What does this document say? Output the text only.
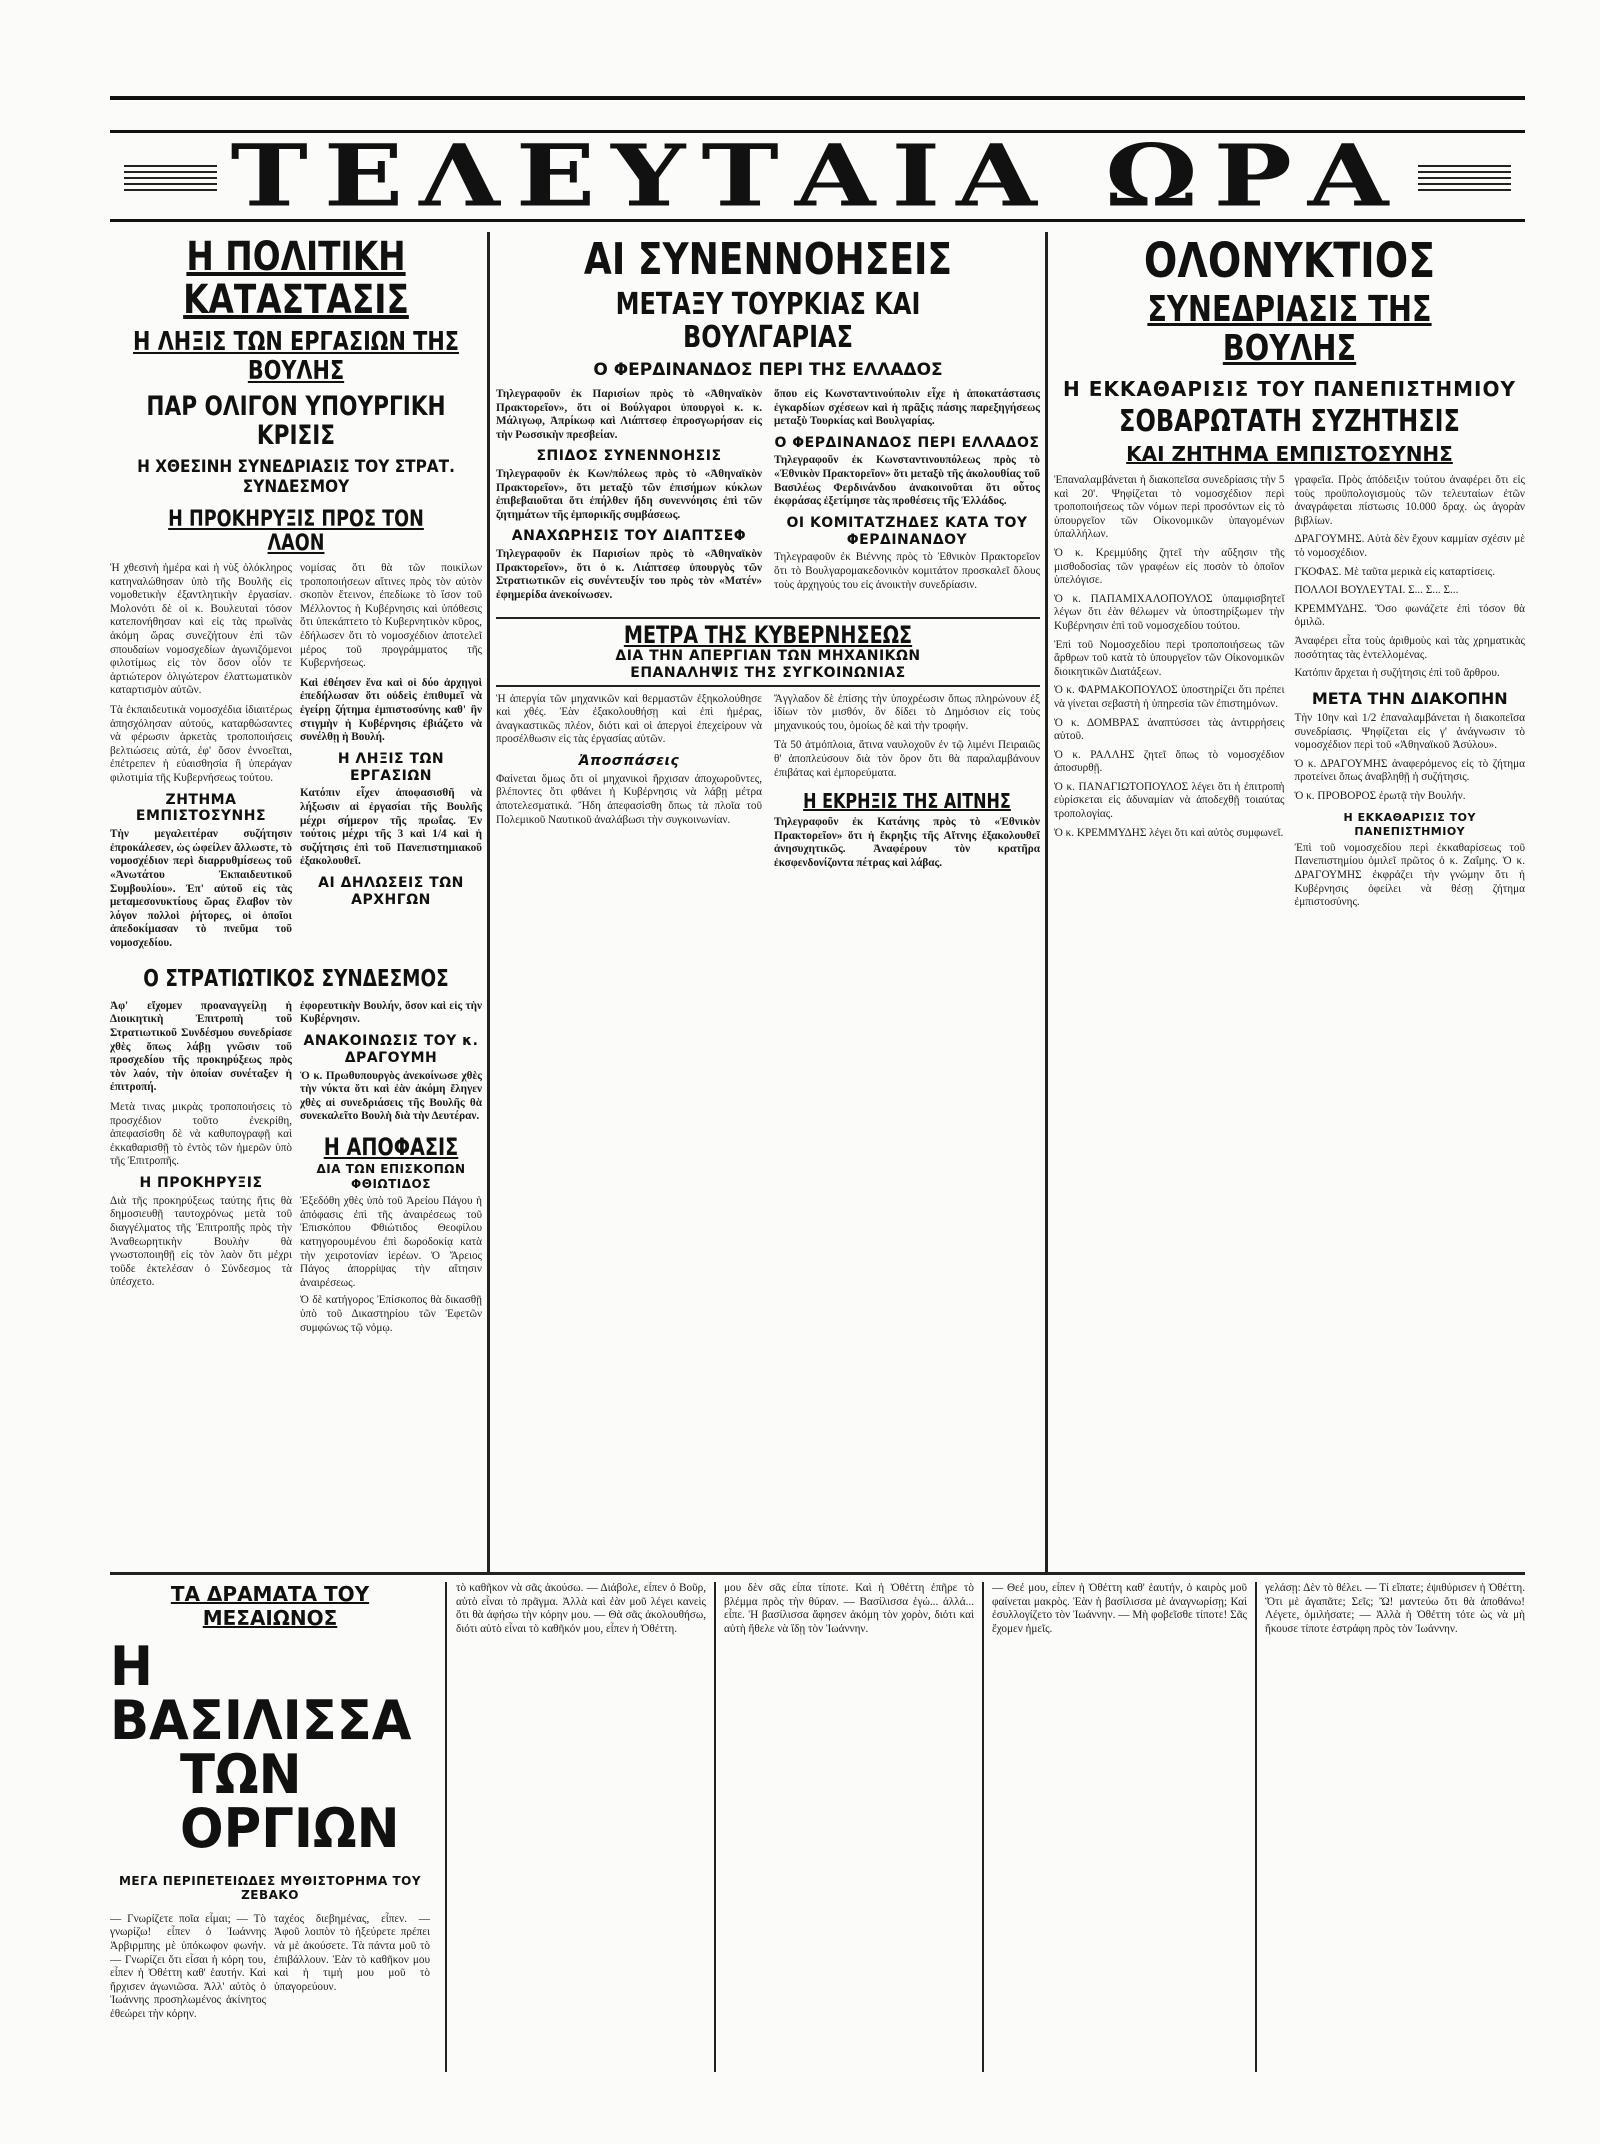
ΤΕΛΕΥΤΑΙΑ ΩΡΑ
Η ΠΟΛΙΤΙΚΗ ΚΑΤΑΣΤΑΣΙΣ
Η ΛΗΞΙΣ ΤΩΝ ΕΡΓΑΣΙΩΝ ΤΗΣ ΒΟΥΛΗΣ
ΠΑΡ ΟΛΙΓΟΝ ΥΠΟΥΡΓΙΚΗ ΚΡΙΣΙΣ
Η ΧΘΕΣΙΝΗ ΣΥΝΕΔΡΙΑΣΙΣ ΤΟΥ ΣΤΡΑΤ. ΣΥΝΔΕΣΜΟΥ
Η ΠΡΟΚΗΡΥΞΙΣ ΠΡΟΣ ΤΟΝ ΛΑΟΝ

Ἡ χθεσινὴ ἡμέρα καὶ ἡ νὺξ ὁλόκληρος κατηναλώθησαν ὑπὸ τῆς Βουλῆς εἰς νομοθετικὴν ἐξαντλητικὴν ἐργασίαν. Μολονότι δὲ οἱ κ. Βουλευταὶ τόσον κατεπονήθησαν καὶ εἰς τὰς πρωϊνὰς ἀκόμη ὥρας συνεζήτουν ἐπὶ τῶν σπουδαίων νομοσχεδίων ἀγωνιζόμενοι φιλοτίμως εἰς τὸν ὅσον οἷόν τε ἀρτιώτερον ὀλιγώτερον ἐλαττωματικὸν καταρτισμὸν αὐτῶν.

Τὰ ἐκπαιδευτικὰ νομοσχέδια ἰδιαιτέρως ἀπησχόλησαν αὐτούς, καταρθώσαντες νὰ φέρωσιν ἀρκετὰς τροποποιήσεις βελτιώσεις αὐτά, ἐφ' ὅσον ἐννοεῖται, ἐπέτρεπεν ἡ εὐαισθησία ἢ ὑπεράγαν φιλοτιμία τῆς Κυβερνήσεως τούτου.

ΖΗΤΗΜΑ ΕΜΠΙΣΤΟΣΥΝΗΣ

Τὴν μεγαλειτέραν συζήτησιν ἐπροκάλεσεν, ὡς ὠφείλεν ἄλλωστε, τὸ νομοσχέδιον περὶ διαρρυθμίσεως τοῦ «Ἀνωτάτου Ἐκπαιδευτικοῦ Συμβουλίου». Ἐπ' αὐτοῦ εἰς τὰς μεταμεσονυκτίους ὥρας ἔλαβον τὸν λόγον πολλοὶ ῥήτορες, οἱ ὁποῖοι ἀπεδοκίμασαν τὸ πνεῦμα τοῦ νομοσχεδίου.

νομίσας ὅτι θὰ τῶν ποικίλων τροποποιήσεων αἵτινες πρὸς τὸν αὐτὸν σκοπὸν ἔτεινον, ἐπεδίωκε τὸ ἴσον τοῦ Μέλλοντος ἡ Κυβέρνησις καὶ ὑπόθεσις ὅτι ὑπεκάπτετο τὸ Κυβερνητικὸν κῦρος, ἐδήλωσεν ὅτι τὸ νομοσχέδιον ἀποτελεῖ μέρος τοῦ προγράμματος τῆς Κυβερνήσεως.

Καὶ ἐθέησεν ἕνα καὶ οἱ δύο ἀρχηγοὶ ἐπεδήλωσαν ὅτι οὐδεὶς ἐπιθυμεῖ νὰ ἐγείρῃ ζήτημα ἐμπιστοσύνης καθ' ἣν στιγμὴν ἡ Κυβέρνησις ἐβιάζετο νὰ συνέλθῃ ἡ Βουλή.

Η ΛΗΞΙΣ ΤΩΝ ΕΡΓΑΣΙΩΝ

Κατόπιν εἶχεν ἀποφασισθῆ νὰ λήξωσιν αἱ ἐργασίαι τῆς Βουλῆς μέχρι σήμερον τῆς πρωΐας. Ἐν τούτοις μέχρι τῆς 3 καὶ 1/4 καὶ ἡ συζήτησις ἐπὶ τοῦ Πανεπιστημιακοῦ ἐξακολουθεῖ.

ΑΙ ΔΗΛΩΣΕΙΣ ΤΩΝ ΑΡΧΗΓΩΝ
Ο ΣΤΡΑΤΙΩΤΙΚΟΣ ΣΥΝΔΕΣΜΟΣ

Ἀφ' εἴχομεν προαναγγείλῃ ἡ Διοικητικὴ Ἐπιτροπὴ τοῦ Στρατιωτικοῦ Συνδέσμου συνεδρίασε χθὲς ὅπως λάβῃ γνῶσιν τοῦ προσχεδίου τῆς προκηρύξεως πρὸς τὸν λαόν, τὴν ὁποίαν συνέταξεν ἡ ἐπιτροπή.

Μετὰ τινας μικρὰς τροποποιήσεις τὸ προσχέδιον τοῦτο ἐνεκρίθη, ἀπεφασίσθη δὲ νὰ καθυπογραφῇ καὶ ἐκκαθαρισθῇ τὸ ἐντὸς τῶν ἡμερῶν ὑπὸ τῆς Ἐπιτροπῆς.

Η ΠΡΟΚΗΡΥΞΙΣ

Διὰ τῆς προκηρύξεως ταύτης ἥτις θὰ δημοσιευθῇ ταυτοχρόνως μετὰ τοῦ διαγγέλματος τῆς Ἐπιτροπῆς πρὸς τὴν Ἀναθεωρητικὴν Βουλὴν θὰ γνωστοποιηθῇ εἰς τὸν λαὸν ὅτι μέχρι τοῦδε ἐκτελέσαν ὁ Σύνδεσμος τὰ ὑπέσχετο.

ἐφορευτικὴν Βουλήν, ὅσον καὶ εἰς τὴν Κυβέρνησιν.

ΑΝΑΚΟΙΝΩΣΙΣ ΤΟΥ κ. ΔΡΑΓΟΥΜΗ

Ὁ κ. Πρωθυπουργὸς ἀνεκοίνωσε χθὲς τὴν νύκτα ὅτι καὶ ἐὰν ἀκόμη ἔληγεν χθὲς αἱ συνεδριάσεις τῆς Βουλῆς θὰ συνεκαλεῖτο Βουλὴ διὰ τὴν Δευτέραν.

Η ΑΠΟΦΑΣΙΣ
ΔΙΑ ΤΩΝ ΕΠΙΣΚΟΠΩΝ ΦΘΙΩΤΙΔΟΣ

Ἐξεδόθη χθὲς ὑπὸ τοῦ Ἀρείου Πάγου ἡ ἀπόφασις ἐπὶ τῆς ἀναιρέσεως τοῦ Ἐπισκόπου Φθιώτιδος Θεοφίλου κατηγορουμένου ἐπὶ δωροδοκίᾳ κατὰ τὴν χειροτονίαν ἱερέων. Ὁ Ἄρειος Πάγος ἀπορρίψας τὴν αἴτησιν ἀναιρέσεως.

Ὁ δὲ κατήγορος Ἐπίσκοπος θὰ δικασθῇ ὑπὸ τοῦ Δικαστηρίου τῶν Ἐφετῶν συμφώνως τῷ νόμῳ.

ΑΙ ΣΥΝΕΝΝΟΗΣΕΙΣ
ΜΕΤΑΞΥ ΤΟΥΡΚΙΑΣ ΚΑΙ ΒΟΥΛΓΑΡΙΑΣ
Ο ΦΕΡΔΙΝΑΝΔΟΣ ΠΕΡΙ ΤΗΣ ΕΛΛΑΔΟΣ

Τηλεγραφοῦν ἐκ Παρισίων πρὸς τὸ «Ἀθηναϊκὸν Πρακτορεῖον», ὅτι οἱ Βούλγαροι ὑπουργοὶ κ. κ. Μάλιγωφ, Ἀπρίκωφ καὶ Λιάπτσεφ ἐπροσγωρήσαν εἰς τὴν Ρωσσικὴν πρεσβείαν.

ΣΠΙΔΟΣ ΣΥΝΕΝΝΟΗΣΙΣ

Τηλεγραφοῦν ἐκ Κων/πόλεως πρὸς τὸ «Ἀθηναϊκὸν Πρακτορεῖον», ὅτι μεταξὺ τῶν ἐπισήμων κύκλων ἐπιβεβαιοῦται ὅτι ἐπήλθεν ἤδη συνεννόησις ἐπὶ τῶν ζητημάτων τῆς ἐμπορικῆς συμβάσεως.

ΑΝΑΧΩΡΗΣΙΣ ΤΟΥ ΔΙΑΠΤΣΕΦ

Τηλεγραφοῦν ἐκ Παρισίων πρὸς τὸ «Ἀθηναϊκὸν Πρακτορεῖον», ὅτι ὁ κ. Λιάπτσεφ ὑπουργὸς τῶν Στρατιωτικῶν εἰς συνέντευξίν του πρὸς τὸν «Ματέν» ἐφημερίδα ἀνεκοίνωσεν.

ὅπου εἰς Κωνσταντινούπολιν εἶχε ἡ ἀποκατάστασις ἐγκαρδίων σχέσεων καὶ ἡ πρᾶξις πάσης παρεξηγήσεως μεταξὺ Τουρκίας καὶ Βουλγαρίας.

Ο ΦΕΡΔΙΝΑΝΔΟΣ ΠΕΡΙ ΕΛΛΑΔΟΣ

Τηλεγραφοῦν ἐκ Κωνσταντινουπόλεως πρὸς τὸ «Ἐθνικὸν Πρακτορεῖον» ὅτι μεταξὺ τῆς ἀκολουθίας τοῦ Βασιλέως Φερδινάνδου ἀνακοινοῦται ὅτι οὗτος ἐκφράσας ἐξετίμησε τὰς προθέσεις τῆς Ἑλλάδος.

ΟΙ ΚΟΜΙΤΑΤΖΗΔΕΣ ΚΑΤΑ ΤΟΥ ΦΕΡΔΙΝΑΝΔΟΥ

Τηλεγραφοῦν ἐκ Βιέννης πρὸς τὸ Ἐθνικὸν Πρακτορεῖον ὅτι τὸ Βουλγαρομακεδονικὸν κομιτάτον προσκαλεῖ ὅλους τοὺς ἀρχηγούς του εἰς ἀνοικτὴν συνεδρίασιν.

ΜΕΤΡΑ ΤΗΣ ΚΥΒΕΡΝΗΣΕΩΣ
ΔΙΑ ΤΗΝ ΑΠΕΡΓΙΑΝ ΤΩΝ ΜΗΧΑΝΙΚΩΝ
ΕΠΑΝΑΛΗΨΙΣ ΤΗΣ ΣΥΓΚΟΙΝΩΝΙΑΣ

Ἡ ἀπεργία τῶν μηχανικῶν καὶ θερμαστῶν ἐξηκολούθησε καὶ χθές. Ἐὰν ἐξακολουθήσῃ καὶ ἐπὶ ἡμέρας, ἀναγκαστικῶς πλέον, διότι καὶ οἱ ἀπεργοὶ ἐπεχείρουν νὰ προσέλθωσιν εἰς τὰς ἐργασίας αὐτῶν.

Ἀποσπάσεις

Φαίνεται ὅμως ὅτι οἱ μηχανικοὶ ἤρχισαν ἀποχωροῦντες, βλέποντες ὅτι φθάνει ἡ Κυβέρνησις νὰ λάβῃ μέτρα ἀποτελεσματικά. Ἤδη ἀπεφασίσθη ὅπως τὰ πλοῖα τοῦ Πολεμικοῦ Ναυτικοῦ ἀναλάβωσι τὴν συγκοινωνίαν.

Ἄγγλαδον δὲ ἐπίσης τὴν ὑποχρέωσιν ὅπως πληρώνουν ἐξ ἰδίων τὸν μισθόν, ὃν δίδει τὸ Δημόσιον εἰς τοὺς μηχανικούς του, ὁμοίως δὲ καὶ τὴν τροφήν.

Τὰ 50 ἀτμόπλοια, ἅτινα ναυλοχοῦν ἐν τῷ λιμένι Πειραιῶς θ' ἀποπλεύσουν διὰ τὸν ὅρον ὅτι θὰ παραλαμβάνουν ἐπιβάτας καὶ ἐμπορεύματα.

Η ΕΚΡΗΞΙΣ ΤΗΣ ΑΙΤΝΗΣ

Τηλεγραφοῦν ἐκ Κατάνης πρὸς τὸ «Ἐθνικὸν Πρακτορεῖον» ὅτι ἡ ἔκρηξις τῆς Αἴτνης ἐξακολουθεῖ ἀνησυχητικῶς. Ἀναφέρουν τὸν κρατῆρα ἐκσφενδονίζοντα πέτρας καὶ λάβας.

ΟΛΟΝΥΚΤΙΟΣ
ΣΥΝΕΔΡΙΑΣΙΣ ΤΗΣ ΒΟΥΛΗΣ
Η ΕΚΚΑΘΑΡΙΣΙΣ ΤΟΥ ΠΑΝΕΠΙΣΤΗΜΙΟΥ
ΣΟΒΑΡΩΤΑΤΗ ΣΥΖΗΤΗΣΙΣ
ΚΑΙ ΖΗΤΗΜΑ ΕΜΠΙΣΤΟΣΥΝΗΣ

Ἐπαναλαμβάνεται ἡ διακοπεῖσα συνεδρίασις τὴν 5 καὶ 20'. Ψηφίζεται τὸ νομοσχέδιον περὶ τροποποιήσεως τῶν νόμων περὶ προσόντων εἰς τὸ ὑπουργεῖον τῶν Οἰκονομικῶν ὑπαγομένων ὑπαλλήλων.

Ὁ κ. Κρεμμύδης ζητεῖ τὴν αὔξησιν τῆς μισθοδοσίας τῶν γραφέων εἰς ποσὸν τὸ ὁποῖον ὑπελόγισε.

Ὁ κ. ΠΑΠΑΜΙΧΑΛΟΠΟΥΛΟΣ ὑπαμφισβητεῖ λέγων ὅτι ἐὰν θέλωμεν νὰ ὑποστηρίξωμεν τὴν Κυβέρνησιν ἐπὶ τοῦ νομοσχεδίου τούτου.

Ἐπὶ τοῦ Νομοσχεδίου περὶ τροποποιήσεως τῶν ἄρθρων τοῦ κατὰ τὸ ὑπουργεῖον τῶν Οἰκονομικῶν διοικητικῶν Διατάξεων.

Ὁ κ. ΦΑΡΜΑΚΟΠΟΥΛΟΣ ὑποστηρίζει ὅτι πρέπει νὰ γίνεται σεβαστὴ ἡ ὑπηρεσία τῶν ἐπιστημόνων.

Ὁ κ. ΔΟΜΒΡΑΣ ἀναπτύσσει τὰς ἀντιρρήσεις αὐτοῦ.

Ὁ κ. ΡΑΛΛΗΣ ζητεῖ ὅπως τὸ νομοσχέδιον ἀποσυρθῇ.

Ὁ κ. ΠΑΝΑΓΙΩΤΟΠΟΥΛΟΣ λέγει ὅτι ἡ ἐπιτροπὴ εὑρίσκεται εἰς ἀδυναμίαν νὰ ἀποδεχθῇ τοιαύτας τροπολογίας.

Ὁ κ. ΚΡΕΜΜΥΔΗΣ λέγει ὅτι καὶ αὐτὸς συμφωνεῖ.

γραφεῖα. Πρὸς ἀπόδειξιν τούτου ἀναφέρει ὅτι εἰς τοὺς προϋπολογισμοὺς τῶν τελευταίων ἐτῶν ἀναγράφεται πίστωσις 10.000 δραχ. ὡς ἀγορὰν βιβλίων.

ΔΡΑΓΟΥΜΗΣ. Αὐτὰ δὲν ἔχουν καμμίαν σχέσιν μὲ τὸ νομοσχέδιον.

ΓΚΟΦΑΣ. Μὲ ταῦτα μερικὰ εἰς καταρτίσεις.

ΠΟΛΛΟΙ ΒΟΥΛΕΥΤΑΙ. Σ... Σ... Σ...

ΚΡΕΜΜΥΔΗΣ. Ὅσο φωνάζετε ἐπὶ τόσον θὰ ὁμιλῶ.

Ἀναφέρει εἶτα τοὺς ἀριθμοὺς καὶ τὰς χρηματικὰς ποσότητας τὰς ἐντελλομένας.

Κατόπιν ἄρχεται ἡ συζήτησις ἐπὶ τοῦ ἄρθρου.

ΜΕΤΑ ΤΗΝ ΔΙΑΚΟΠΗΝ

Τὴν 10ην καὶ 1/2 ἐπαναλαμβάνεται ἡ διακοπεῖσα συνεδρίασις. Ψηφίζεται εἰς γ' ἀνάγνωσιν τὸ νομοσχέδιον περὶ τοῦ «Ἀθηναϊκοῦ Ἀσύλου».

Ὁ κ. ΔΡΑΓΟΥΜΗΣ ἀναφερόμενος εἰς τὸ ζήτημα προτείνει ὅπως ἀναβληθῇ ἡ συζήτησις.

Ὁ κ. ΠΡΟΒΟΡΟΣ ἐρωτᾷ τὴν Βουλήν.

Η ΕΚΚΑΘΑΡΙΣΙΣ ΤΟΥ ΠΑΝΕΠΙΣΤΗΜΙΟΥ

Ἐπὶ τοῦ νομοσχεδίου περὶ ἐκκαθαρίσεως τοῦ Πανεπιστημίου ὁμιλεῖ πρῶτος ὁ κ. Ζαΐμης. Ὁ κ. ΔΡΑΓΟΥΜΗΣ ἐκφράζει τὴν γνώμην ὅτι ἡ Κυβέρνησις ὀφείλει νὰ θέσῃ ζήτημα ἐμπιστοσύνης.

ΤΑ ΔΡΑΜΑΤΑ ΤΟΥ ΜΕΣΑΙΩΝΟΣ
Η ΒΑΣΙΛΙΣΣΑ
ΤΩΝ ΟΡΓΙΩΝ
ΜΕΓΑ ΠΕΡΙΠΕΤΕΙΩΔΕΣ ΜΥΘΙΣΤΟΡΗΜΑ ΤΟΥ ΖΕΒΑΚΟ

— Γνωρίζετε ποῖα εἶμαι; — Τὸ γνωρίζω! εἶπεν ὁ Ἰωάννης Ἀρβιρμπης μὲ ὑπόκωφον φωνήν. — Γνωρίζει ὅτι εἶσαι ἡ κόρη του, εἶπεν ἡ Ὀθέττη καθ' ἑαυτήν. Καὶ ἤρχισεν ἀγωνιῶσα. Ἀλλ' αὐτὸς ὁ Ἰωάννης προσηλωμένος ἀκίνητος ἐθεώρει τὴν κόρην.

ταχέος διεβημένας, εἶπεν. — Ἀφοῦ λοιπὸν τὸ ἠξεύρετε πρέπει νὰ μὲ ἀκούσετε. Τὰ πάντα μοῦ τὸ ἐπιβάλλουν. Ἐὰν τὸ καθῆκον μου καὶ ἡ τιμή μου μοῦ τὸ ὑπαγορεύουν.

τὸ καθῆκον νὰ σᾶς ἀκούσω. — Διάβολε, εἶπεν ὁ Βοῦρ, αὐτὸ εἶναι τὸ πρᾶγμα. Ἀλλὰ καὶ ἐὰν μοῦ λέγει κανεὶς ὅτι θὰ ἀφήσω τὴν κόρην μου. — Θὰ σᾶς ἀκολουθήσω, διότι αὐτὸ εἶναι τὸ καθῆκόν μου, εἶπεν ἡ Ὀθέττη.

μου δὲν σᾶς εἶπα τίποτε. Καὶ ἡ Ὀθέττη ἐπῆρε τὸ βλέμμα πρὸς τὴν θύραν. — Βασίλισσα ἐγώ... ἀλλά... εἶπε. Ἡ βασίλισσα ἄφησεν ἀκόμη τὸν χορὸν, διότι καὶ αὐτὴ ἤθελε νὰ ἴδῃ τὸν Ἰωάννην.

— Θεέ μου, εἶπεν ἡ Ὀθέττη καθ' ἑαυτήν, ὁ καιρὸς μοῦ φαίνεται μακρὸς. Ἐὰν ἡ βασίλισσα μὲ ἀναγνωρίσῃ; Καὶ ἐσυλλογίζετο τὸν Ἰωάννην. — Μὴ φοβεῖσθε τίποτε! Σᾶς ἔχομεν ἡμεῖς.

γελάσῃ: Δὲν τὸ θέλει. — Τί εἴπατε; ἐψιθύρισεν ἡ Ὀθέττη. Ὅτι μὲ ἀγαπᾶτε; Σεῖς; Ὤ! μαντεύω ὅτι θὰ ἀποθάνω! Λέγετε, ὁμιλήσατε; — Ἀλλὰ ἡ Ὀθέττη τότε ὡς νὰ μὴ ἤκουσε τίποτε ἐστράφη πρὸς τὸν Ἰωάννην.
